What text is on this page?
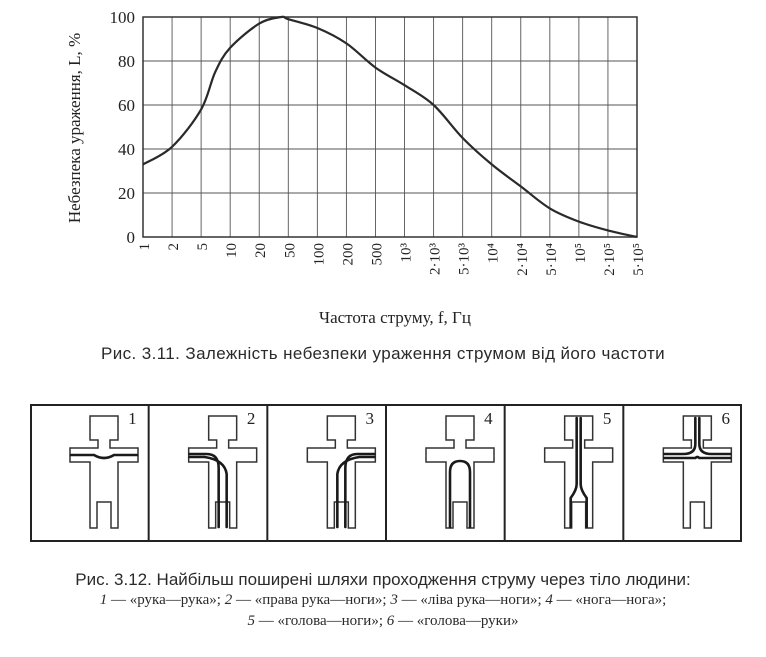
0
20
40
60
80
100
1 2 5 10 20 50 100 200 500 10³ 2·10³ 5·10³ 10⁴ 2·10⁴ 5·10⁴ 10⁵ 2·10⁵ 5·10⁵
Небезпека ураження, L, %
Частота струму, f, Гц
Рис. 3.11. Залежність небезпеки ураження струмом від його частоти
1	2	3	4	5	6
Рис. 3.12. Найбільш поширені шляхи проходження струму через тіло людини:
1 — «рука—рука»; 2 — «права рука—ноги»; 3 — «ліва рука—ноги»; 4 — «нога—нога»;
5 — «голова—ноги»; 6 — «голова—руки»
